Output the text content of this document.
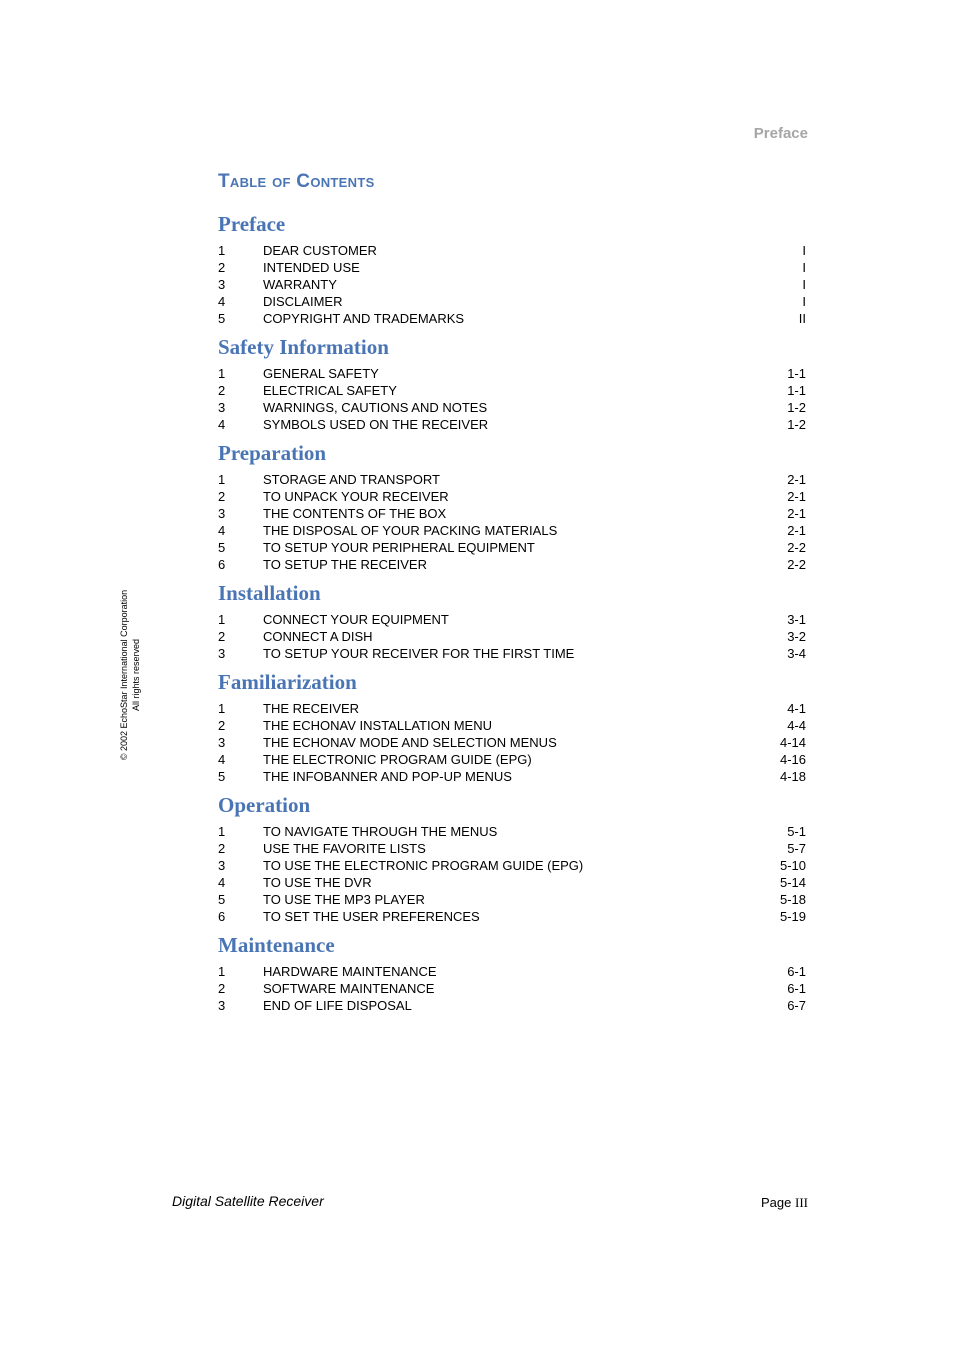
Preface
Table of Contents
Preface
1	DEAR CUSTOMER	I
2	INTENDED USE	I
3	WARRANTY	I
4	DISCLAIMER	I
5	COPYRIGHT AND TRADEMARKS	II
Safety Information
1	GENERAL SAFETY	1-1
2	ELECTRICAL SAFETY	1-1
3	WARNINGS, CAUTIONS AND NOTES	1-2
4	SYMBOLS USED ON THE RECEIVER	1-2
Preparation
1	STORAGE AND TRANSPORT	2-1
2	TO UNPACK YOUR RECEIVER	2-1
3	THE CONTENTS OF THE BOX	2-1
4	THE DISPOSAL OF YOUR PACKING MATERIALS	2-1
5	TO SETUP YOUR PERIPHERAL EQUIPMENT	2-2
6	TO SETUP THE RECEIVER	2-2
Installation
1	CONNECT YOUR EQUIPMENT	3-1
2	CONNECT A DISH	3-2
3	TO SETUP YOUR RECEIVER FOR THE FIRST TIME	3-4
Familiarization
1	THE RECEIVER	4-1
2	THE ECHONAV INSTALLATION MENU	4-4
3	THE ECHONAV MODE AND SELECTION MENUS	4-14
4	THE ELECTRONIC PROGRAM GUIDE (EPG)	4-16
5	THE INFOBANNER AND POP-UP MENUS	4-18
Operation
1	TO NAVIGATE THROUGH THE MENUS	5-1
2	USE THE FAVORITE LISTS	5-7
3	TO USE THE ELECTRONIC PROGRAM GUIDE (EPG)	5-10
4	TO USE THE DVR	5-14
5	TO USE THE MP3 PLAYER	5-18
6	TO SET THE USER PREFERENCES	5-19
Maintenance
1	HARDWARE MAINTENANCE	6-1
2	SOFTWARE MAINTENANCE	6-1
3	END OF LIFE DISPOSAL	6-7
© 2002 EchoStar International Corporation All rights reserved
Digital Satellite Receiver	Page III
